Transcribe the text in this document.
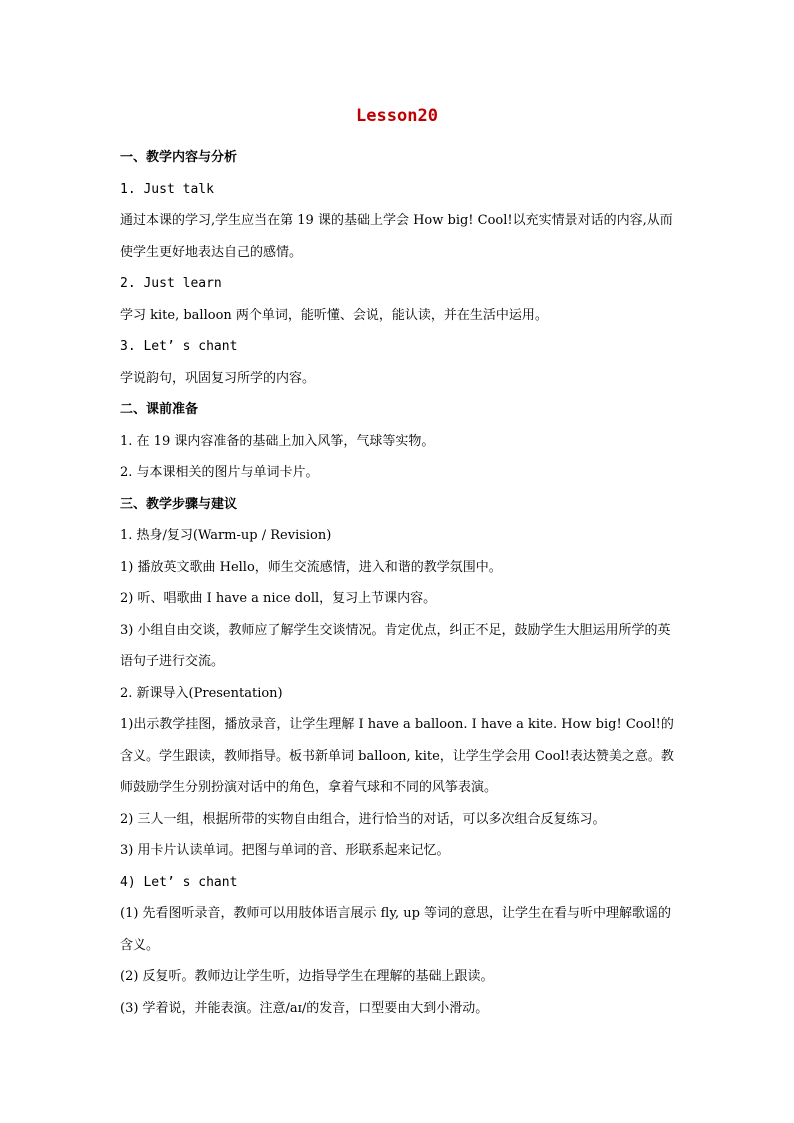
Lesson20

一、教学内容与分析

1. Just talk

通过本课的学习,学生应当在第 19 课的基础上学会 How big! Cool!以充实情景对话的内容,从而使学生更好地表达自己的感情。

2. Just learn

学习 kite, balloon 两个单词，能听懂、会说，能认读，并在生活中运用。

3. Let’ s chant

学说韵句，巩固复习所学的内容。

二、课前准备

1. 在 19 课内容准备的基础上加入风筝，气球等实物。

2. 与本课相关的图片与单词卡片。

三、教学步骤与建议

1. 热身/复习(Warm-up / Revision)

1) 播放英文歌曲 Hello，师生交流感情，进入和谐的教学氛围中。

2) 听、唱歌曲 I have a nice doll，复习上节课内容。

3) 小组自由交谈，教师应了解学生交谈情况。肯定优点，纠正不足，鼓励学生大胆运用所学的英语句子进行交流。

2. 新课导入(Presentation)

1)出示教学挂图，播放录音，让学生理解 I have a balloon. I have a kite. How big! Cool!的含义。学生跟读，教师指导。板书新单词 balloon, kite，让学生学会用 Cool!表达赞美之意。教师鼓励学生分别扮演对话中的角色，拿着气球和不同的风筝表演。

2) 三人一组，根据所带的实物自由组合，进行恰当的对话，可以多次组合反复练习。

3) 用卡片认读单词。把图与单词的音、形联系起来记忆。

4) Let’ s chant

(1) 先看图听录音，教师可以用肢体语言展示 fly, up 等词的意思，让学生在看与听中理解歌谣的含义。

(2) 反复听。教师边让学生听，边指导学生在理解的基础上跟读。

(3) 学着说，并能表演。注意/aɪ/的发音，口型要由大到小滑动。
